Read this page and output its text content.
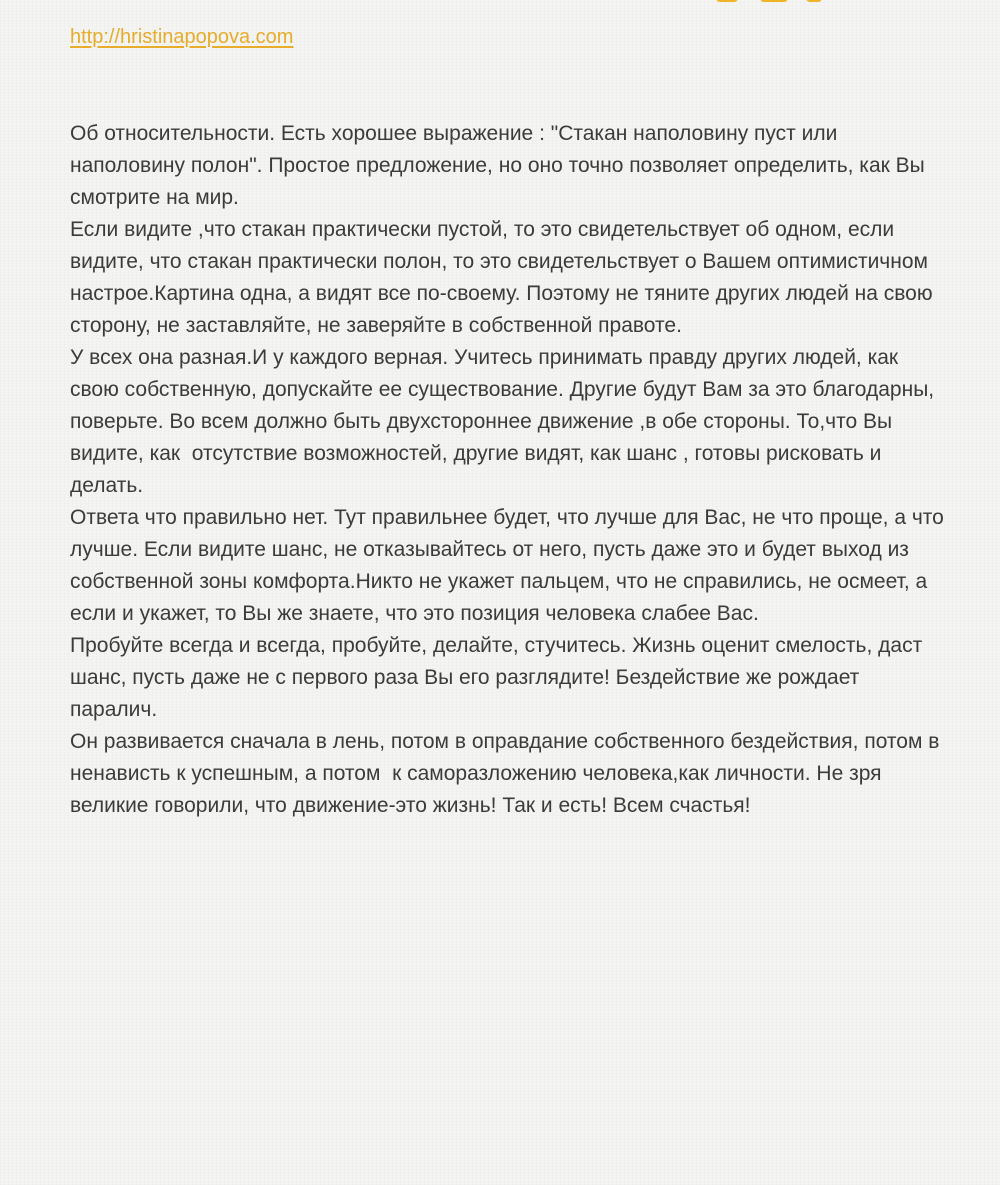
http://hristinapopova.com

Об относительности. Есть хорошее выражение : "Стакан наполовину пуст или наполовину полон". Простое предложение, но оно точно позволяет определить, как Вы смотрите на мир.

Если видите ,что стакан практически пустой, то это свидетельствует об одном, если видите, что стакан практически полон, то это свидетельствует о Вашем оптимистичном настрое.Картина одна, а видят все по-своему. Поэтому не тяните других людей на свою сторону, не заставляйте, не заверяйте в собственной правоте.

У всех она разная.И у каждого верная. Учитесь принимать правду других людей, как свою собственную, допускайте ее существование. Другие будут Вам за это благодарны, поверьте. Во всем должно быть двухстороннее движение ,в обе стороны. То,что Вы видите, как  отсутствие возможностей, другие видят, как шанс , готовы рисковать и делать.

Ответа что правильно нет. Тут правильнее будет, что лучше для Вас, не что проще, а что лучше. Если видите шанс, не отказывайтесь от него, пусть даже это и будет выход из собственной зоны комфорта.Никто не укажет пальцем, что не справились, не осмеет, а если и укажет, то Вы же знаете, что это позиция человека слабее Вас.

Пробуйте всегда и всегда, пробуйте, делайте, стучитесь. Жизнь оценит смелость, даст шанс, пусть даже не с первого раза Вы его разглядите! Бездействие же рождает паралич.

Он развивается сначала в лень, потом в оправдание собственного бездействия, потом в ненависть к успешным, а потом  к саморазложению человека,как личности. Не зря великие говорили, что движение-это жизнь! Так и есть! Всем счастья!
